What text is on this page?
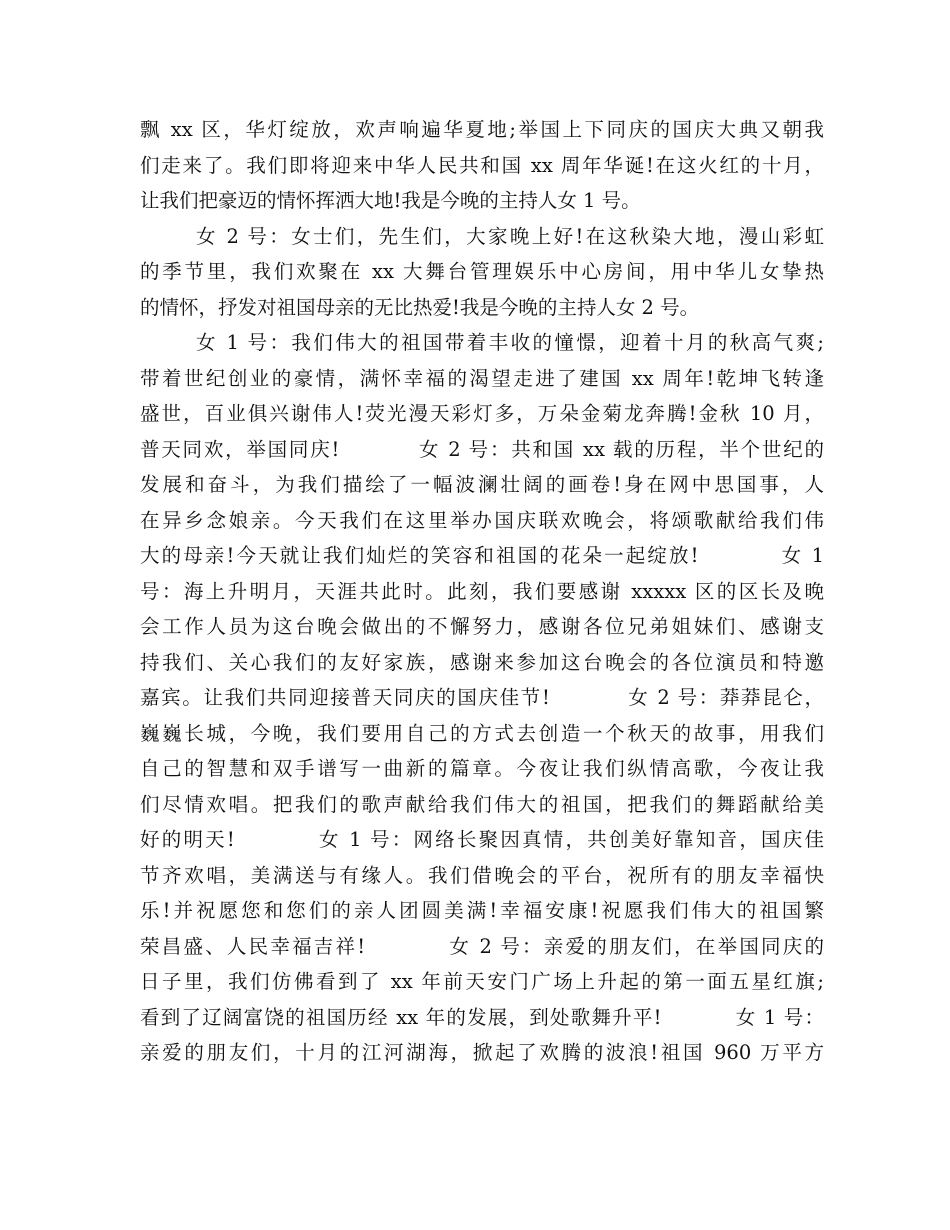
飘 xx 区，华灯绽放，欢声响遍华夏地;举国上下同庆的国庆大典又朝我
们走来了。我们即将迎来中华人民共和国 xx 周年华诞!在这火红的十月，
让我们把豪迈的情怀挥洒大地!我是今晚的主持人女 1 号。
女 2 号：女士们，先生们，大家晚上好!在这秋染大地，漫山彩虹
的季节里，我们欢聚在 xx 大舞台管理娱乐中心房间，用中华儿女挚热
的情怀，抒发对祖国母亲的无比热爱!我是今晚的主持人女 2 号。
女 1 号：我们伟大的祖国带着丰收的憧憬，迎着十月的秋高气爽;
带着世纪创业的豪情，满怀幸福的渴望走进了建国 xx 周年!乾坤飞转逢
盛世，百业俱兴谢伟人!荧光漫天彩灯多，万朵金菊龙奔腾!金秋 10 月，
普天同欢，举国同庆!          女 2 号：共和国 xx 载的历程，半个世纪的
发展和奋斗，为我们描绘了一幅波澜壮阔的画卷!身在网中思国事，人
在异乡念娘亲。今天我们在这里举办国庆联欢晚会，将颂歌献给我们伟
大的母亲!今天就让我们灿烂的笑容和祖国的花朵一起绽放!          女 1
号：海上升明月，天涯共此时。此刻，我们要感谢 xxxxx 区的区长及晚
会工作人员为这台晚会做出的不懈努力，感谢各位兄弟姐妹们、感谢支
持我们、关心我们的友好家族，感谢来参加这台晚会的各位演员和特邀
嘉宾。让我们共同迎接普天同庆的国庆佳节!          女 2 号：莽莽昆仑，
巍巍长城，今晚，我们要用自己的方式去创造一个秋天的故事，用我们
自己的智慧和双手谱写一曲新的篇章。今夜让我们纵情高歌，今夜让我
们尽情欢唱。把我们的歌声献给我们伟大的祖国，把我们的舞蹈献给美
好的明天!          女 1 号：网络长聚因真情，共创美好靠知音，国庆佳
节齐欢唱，美满送与有缘人。我们借晚会的平台，祝所有的朋友幸福快
乐!并祝愿您和您们的亲人团圆美满!幸福安康!祝愿我们伟大的祖国繁
荣昌盛、人民幸福吉祥!          女 2 号：亲爱的朋友们，在举国同庆的
日子里，我们仿佛看到了 xx 年前天安门广场上升起的第一面五星红旗;
看到了辽阔富饶的祖国历经 xx 年的发展，到处歌舞升平!          女 1 号：
亲爱的朋友们，十月的江河湖海，掀起了欢腾的波浪!祖国 960 万平方
